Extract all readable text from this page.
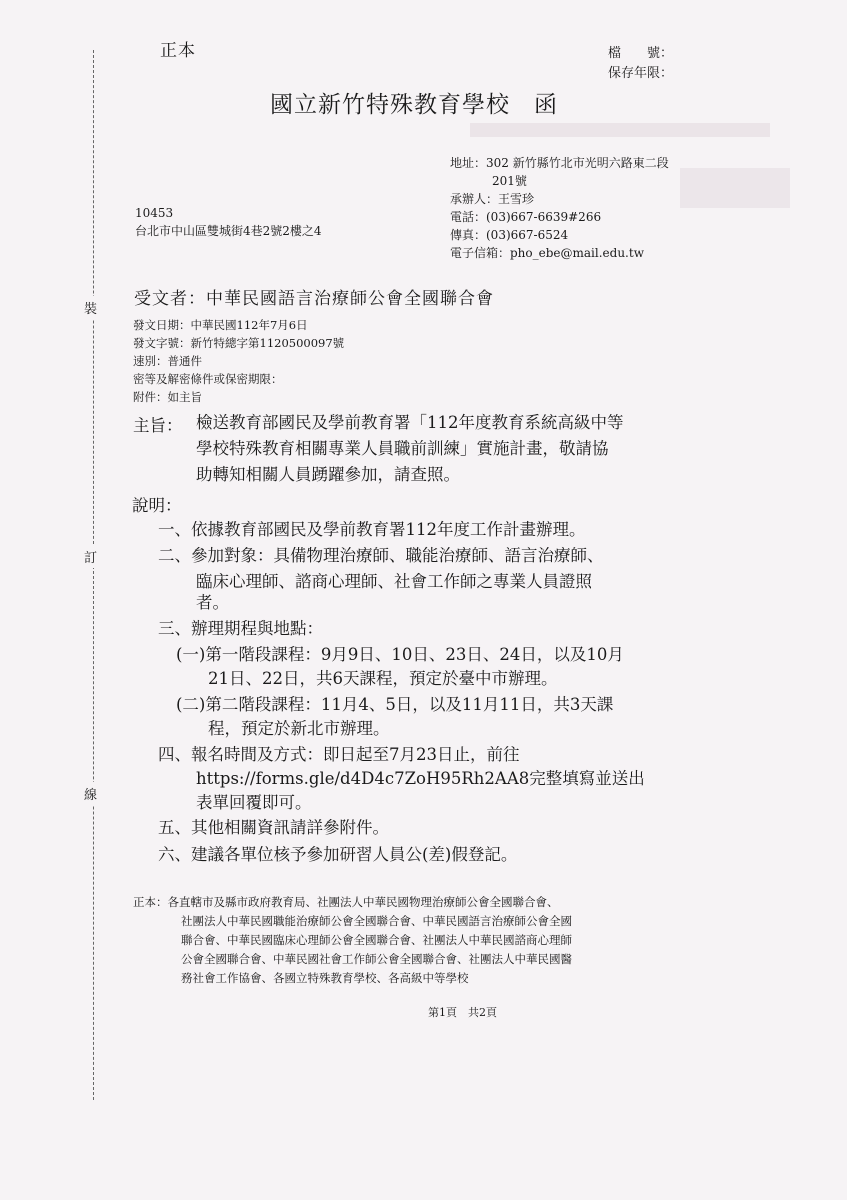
裝
訂
線
正本	檔　　號：
保存年限：
國立新竹特殊教育學校　函
地址：302 新竹縣竹北市光明六路東二段
201號
承辦人：王雪珍
電話：(03)667-6639#266
傳真：(03)667-6524
電子信箱：pho_ebe@mail.edu.tw
10453
台北市中山區雙城街4巷2號2樓之4
受文者：中華民國語言治療師公會全國聯合會
發文日期：中華民國112年7月6日
發文字號：新竹特總字第1120500097號
速別：普通件
密等及解密條件或保密期限：
附件：如主旨
主旨： 檢送教育部國民及學前教育署「112年度教育系統高級中等
學校特殊教育相關專業人員職前訓練」實施計畫，敬請協
助轉知相關人員踴躍參加，請查照。
說明：
一、依據教育部國民及學前教育署112年度工作計畫辦理。
二、參加對象：具備物理治療師、職能治療師、語言治療師、
臨床心理師、諮商心理師、社會工作師之專業人員證照
者。
三、辦理期程與地點：
(一)第一階段課程：9月9日、10日、23日、24日，以及10月
21日、22日，共6天課程，預定於臺中市辦理。
(二)第二階段課程：11月4、5日，以及11月11日，共3天課
程，預定於新北市辦理。
四、報名時間及方式：即日起至7月23日止，前往
https://forms.gle/d4D4c7ZoH95Rh2AA8完整填寫並送出
表單回覆即可。
五、其他相關資訊請詳參附件。
六、建議各單位核予參加研習人員公(差)假登記。
正本：各直轄市及縣市政府教育局、社團法人中華民國物理治療師公會全國聯合會、
社團法人中華民國職能治療師公會全國聯合會、中華民國語言治療師公會全國
聯合會、中華民國臨床心理師公會全國聯合會、社團法人中華民國諮商心理師
公會全國聯合會、中華民國社會工作師公會全國聯合會、社團法人中華民國醫
務社會工作協會、各國立特殊教育學校、各高級中等學校
第1頁　共2頁
